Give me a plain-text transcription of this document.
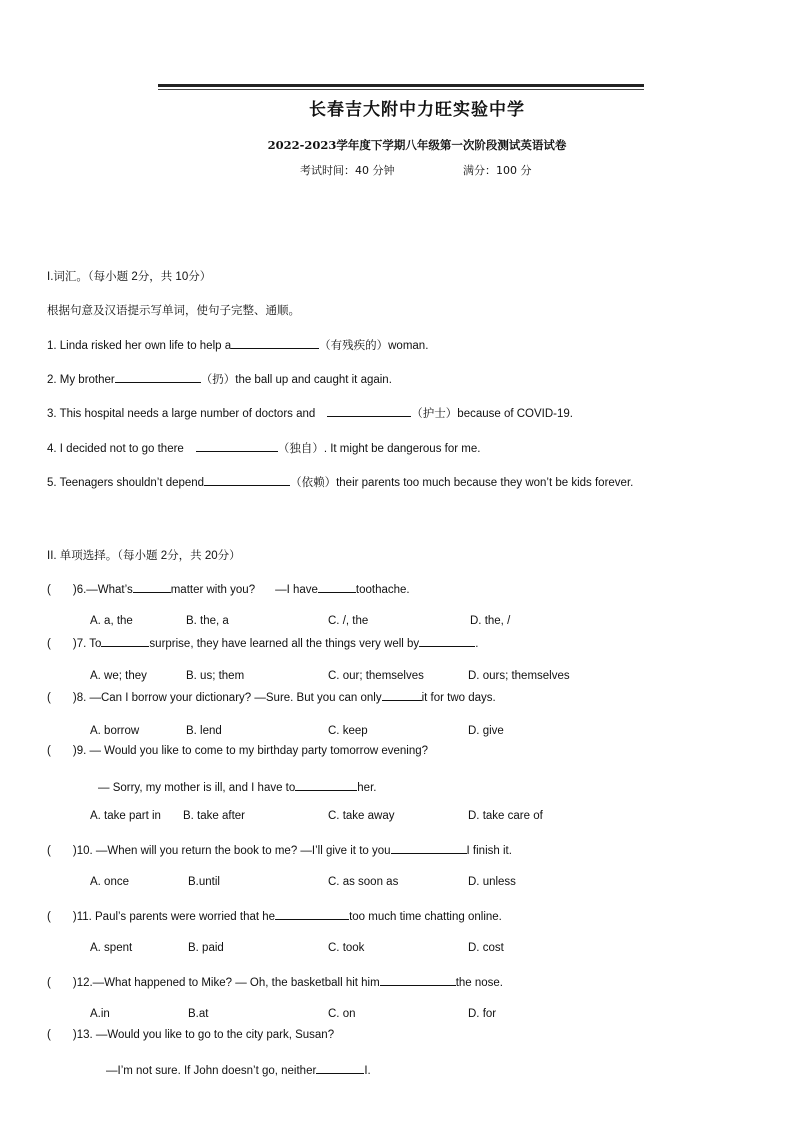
长春吉大附中力旺实验中学
2022-2023学年度下学期八年级第一次阶段测试英语试卷
考试时间：40 分钟	满分：100 分
I.词汇。（每小题 2分，共 10分）
根据句意及汉语提示写单词，使句子完整、通顺。
1. Linda risked her own life to help a	（有残疾的）woman.
2. My brother	（扔）the ball up and caught it again.
3. This hospital needs a large number of doctors and	（护士）because of COVID-19.
4. I decided not to go there	（独自）. It might be dangerous for me.
5. Teenagers shouldn’t depend	（依赖）their parents too much because they won’t be kids forever.
II. 单项选择。（每小题 2分，共 20分）
( )6.—What’s	matter with you? —I have	toothache.
A. a, the	B. the, a	C. /, the	D. the, /
( )7. To	surprise, they have learned all the things very well by	.
A. we; they	B. us; them	C. our; themselves	D. ours; themselves
( )8. —Can I borrow your dictionary? —Sure. But you can only	it for two days.
A. borrow	B. lend	C. keep	D. give
( )9. — Would you like to come to my birthday party tomorrow evening?
— Sorry, my mother is ill, and I have to	her.
A. take part in B. take after	C. take away	D. take care of
( )10. —When will you return the book to me? —I’ll give it to you	I finish it.
A. once	B.until	C. as soon as	D. unless
( )11. Paul’s parents were worried that he	too much time chatting online.
A. spent	B. paid	C. took	D. cost
( )12.—What happened to Mike? — Oh, the basketball hit him	the nose.
A.in	B.at	C. on	D. for
( )13. —Would you like to go to the city park, Susan?
—I’m not sure. If John doesn’t go, neither	I.
